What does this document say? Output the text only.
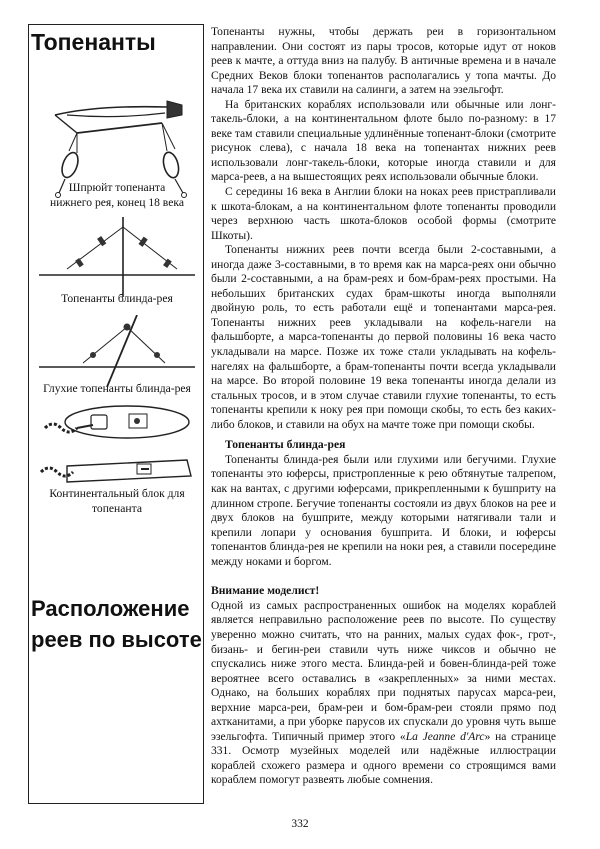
Топенанты
Шпрюйт топенанта
нижнего рея, конец 18 века
Топенанты блинда-рея
Глухие топенанты блинда-рея
Континентальный блок для
топенанта
Расположение
реев по высоте

Топенанты нужны, чтобы держать реи в горизонтальном направлении. Они состоят из пары тросов, которые идут от ноков реев к мачте, а оттуда вниз на палубу. В античные времена и в начале Средних Веков блоки топенантов располагались у топа мачты. До начала 17 века их ставили на салинги, а затем на эзельгофт.

На британских кораблях использовали или обычные или лонг-такель-блоки, а на континентальном флоте было по-разному: в 17 веке там ставили специальные удлинённые топенант-блоки (смотрите рисунок слева), с начала 18 века на топенантах нижних реев использовали лонг-такель-блоки, которые иногда ставили и для марса-реев, а на вышестоящих реях использовали обычные блоки.

С середины 16 века в Англии блоки на ноках реев пристрапливали к шкота-блокам, а на континентальном флоте топенанты проводили через верхнюю часть шкота-блоков особой формы (смотрите Шкоты).

Топенанты нижних реев почти всегда были 2-составными, а иногда даже 3-составными, в то время как на марса-реях они обычно были 2-составными, а на брам-реях и бом-брам-реях простыми. На небольших британских судах брам-шкоты иногда выполняли двойную роль, то есть работали ещё и топенантами марса-рея. Топенанты нижних реев укладывали на кофель-нагели на фальшборте, а марса-топенанты до первой половины 16 века часто укладывали на марсе. Позже их тоже стали укладывать на кофель-нагелях на фальшборте, а брам-топенанты почти всегда укладывали на марсе. Во второй половине 19 века топенанты иногда делали из стальных тросов, и в этом случае ставили глухие топенанты, то есть топенанты крепили к ноку рея при помощи скобы, то есть без каких-либо блоков, и ставили на обух на мачте тоже при помощи скобы.

Топенанты блинда-рея

Топенанты блинда-рея были или глухими или бегучими. Глухие топенанты это юферсы, пристропленные к рею обтянутые талрепом, как на вантах, с другими юферсами, прикрепленными к бушприту на длинном стропе. Бегучие топенанты состояли из двух блоков на рее и двух блоков на бушприте, между которыми натягивали тали и крепили лопари у основания бушприта. И блоки, и юферсы топенантов блинда-рея не крепили на ноки рея, а ставили посередине между ноками и боргом.

Внимание моделист!

Одной из самых распространенных ошибок на моделях кораблей является неправильно расположение реев по высоте. По существу уверенно можно считать, что на ранних, малых судах фок-, грот-, бизань- и бегин-реи ставили чуть ниже чиксов и обычно не спускались ниже этого места. Блинда-рей и бовен-блинда-рей тоже вероятнее всего оставались в «закрепленных» за ними местах. Однако, на больших кораблях при поднятых парусах марса-реи, верхние марса-реи, брам-реи и бом-брам-реи стояли прямо под ахтканитами, а при уборке парусов их спускали до уровня чуть выше эзельгофта. Типичный пример этого «La Jeanne d'Arc» на странице 331. Осмотр музейных моделей или надёжные иллюстрации кораблей схожего размера и одного времени со строящимся вами кораблем помогут развеять любые сомнения.

332
